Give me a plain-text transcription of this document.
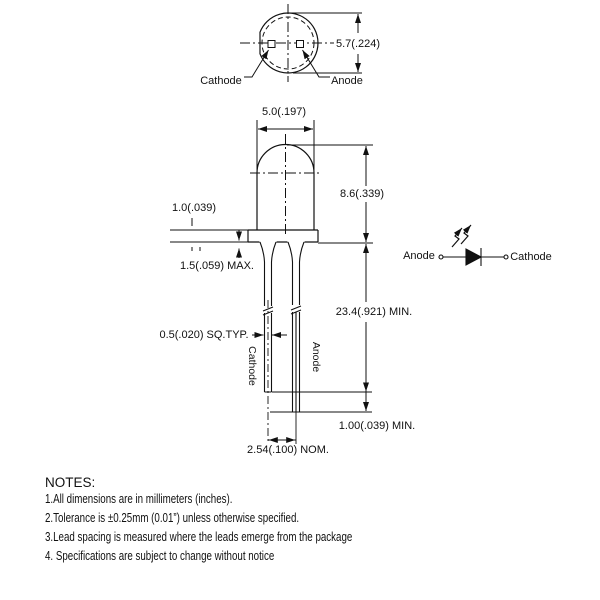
5.7(.224)
Cathode	Anode
5.0(.197)
8.6(.339)
1.0(.039)
1.5(.059) MAX.
23.4(.921) MIN.
0.5(.020) SQ.TYP.
1.00(.039) MIN.
2.54(.100) NOM.
Cathode	Anode
Anode	Cathode
NOTES:
1.All dimensions are in millimeters (inches).
2.Tolerance is ±0.25mm (0.01”) unless otherwise specified.
3.Lead spacing is measured where the leads emerge from the package
4. Specifications are subject to change without notice
